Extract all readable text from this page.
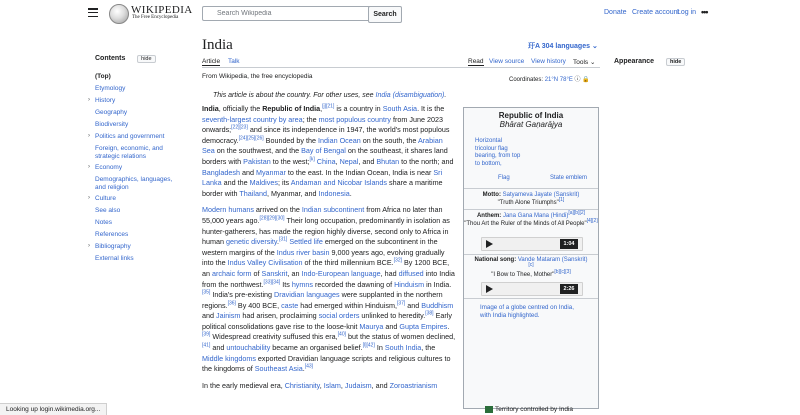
WIKIPEDIA
The Free Encyclopedia
Search Wikipedia	Search	Donate Create account
Log in •••
Contents	hide
(Top)
Etymology
› History
Geography
Biodiversity
› Politics and government
Foreign, economic, and strategic relations
› Economy
Demographics, languages, and religion
› Culture
See also
Notes
References
› Bibliography
External links
India	玗A 304 languages ⌄
Article Talk	Read View source View history Tools ⌄	Appearance	hide
From Wikipedia, the free encyclopedia	Coordinates: 21°N 78°E ⓘ 🔒
This article is about the country. For other uses, see India (disambiguation).

India, officially the Republic of India,[j][21] is a country in South Asia. It is the seventh-largest country by area; the most populous country from June 2023 onwards;[22][23] and since its independence in 1947, the world's most populous democracy.[24][25][26] Bounded by the Indian Ocean on the south, the Arabian Sea on the southwest, and the Bay of Bengal on the southeast, it shares land borders with Pakistan to the west;[k] China, Nepal, and Bhutan to the north; and Bangladesh and Myanmar to the east. In the Indian Ocean, India is near Sri Lanka and the Maldives; its Andaman and Nicobar Islands share a maritime border with Thailand, Myanmar, and Indonesia.

Modern humans arrived on the Indian subcontinent from Africa no later than 55,000 years ago.[28][29][30] Their long occupation, predominantly in isolation as hunter-gatherers, has made the region highly diverse, second only to Africa in human genetic diversity.[31] Settled life emerged on the subcontinent in the western margins of the Indus river basin 9,000 years ago, evolving gradually into the Indus Valley Civilisation of the third millennium BCE.[32] By 1200 BCE, an archaic form of Sanskrit, an Indo-European language, had diffused into India from the northwest.[33][34] Its hymns recorded the dawning of Hinduism in India.[35] India's pre-existing Dravidian languages were supplanted in the northern regions.[36] By 400 BCE, caste had emerged within Hinduism,[37] and Buddhism and Jainism had arisen, proclaiming social orders unlinked to heredity.[38] Early political consolidations gave rise to the loose-knit Maurya and Gupta Empires.[39] Widespread creativity suffused this era,[40] but the status of women declined,[41] and untouchability became an organised belief.[l][42] In South India, the Middle kingdoms exported Dravidian language scripts and religious cultures to the kingdoms of Southeast Asia.[43]

In the early medieval era, Christianity, Islam, Judaism, and Zoroastrianism

Republic of India
Bhārat Gaṇarājya
Horizontal tricolour flag bearing, from top to bottom,
Flag	State emblem
Motto: Satyameva Jayate (Sanskrit)
"Truth Alone Triumphs"[1]
Anthem: Jana Gana Mana (Hindi)[a][b][2]
"Thou Art the Ruler of the Minds of All People"[4][2]
1:04
National song: Vande Mataram (Sanskrit)
[c]
"I Bow to Thee, Mother"[b][c][3]
2:26
Image of a globe centred on India, with India highlighted.
Territory controlled by India
Looking up login.wikimedia.org...
